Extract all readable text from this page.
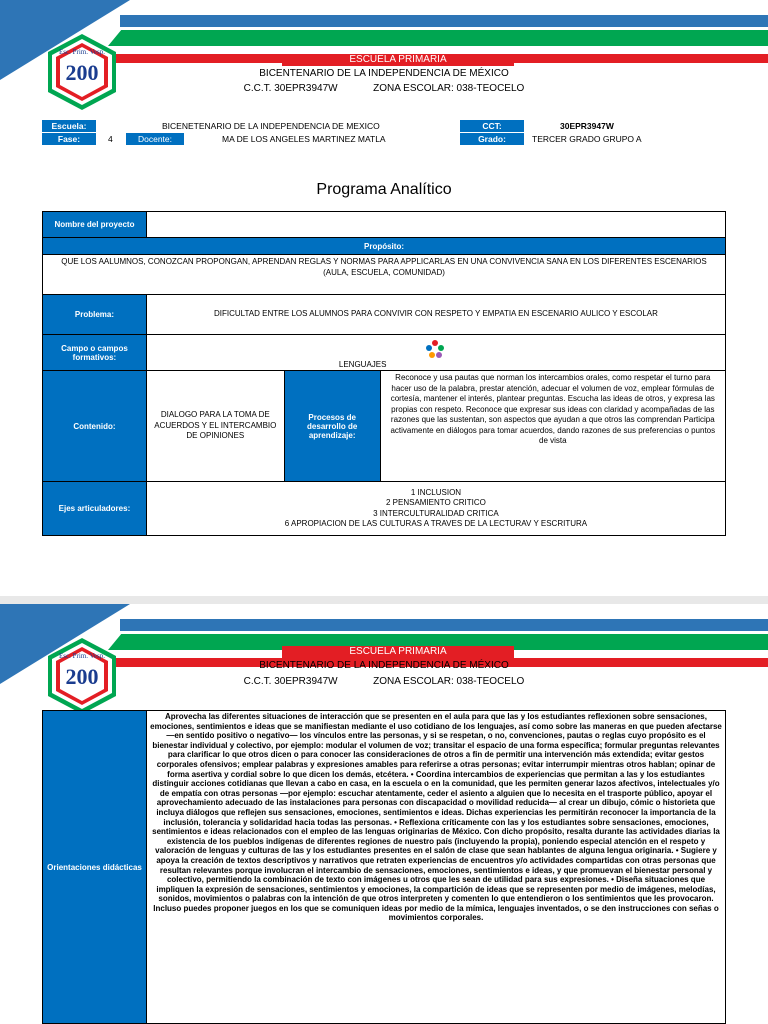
Esc. Prim. Vesp.
200
ESCUELA PRIMARIA
BICENTENARIO DE LA INDEPENDENCIA DE MÉXICO
C.C.T. 30EPR3947W	ZONA ESCOLAR: 038-TEOCELO
Escuela:	BICENETENARIO DE LA INDEPENDENCIA DE MEXICO	CCT:	30EPR3947W
Fase:	4	Docente:	MA DE LOS ANGELES MARTINEZ MATLA	Grado:	TERCER GRADO GRUPO A
Programa Analítico
Nombre del proyecto			
Propósito:			
QUE LOS AALUMNOS, CONOZCAN PROPONGAN, APRENDAN REGLAS Y NORMAS PARA APPLICARLAS EN UNA CONVIVENCIA SANA EN LOS DIFERENTES ESCENARIOS (AULA, ESCUELA, COMUNIDAD)			
Problema:	DIFICULTAD ENTRE LOS ALUMNOS PARA CONVIVIR CON RESPETO Y EMPATIA EN ESCENARIO AULICO Y ESCOLAR		
Campo o campos formativos:	LENGUAJES		

Contenido:	DIALOGO PARA LA TOMA DE ACUERDOS Y EL INTERCAMBIO DE OPINIONES	Procesos de desarrollo de aprendizaje:	Reconoce y usa pautas que norman los intercambios orales, como respetar el turno para hacer uso de la palabra, prestar atención, adecuar el volumen de voz, emplear fórmulas de cortesía, mantener el interés, plantear preguntas. Escucha las ideas de otros, y expresa las propias con respeto. Reconoce que expresar sus ideas con claridad y acompañadas de las razones que las sustentan, son aspectos que ayudan a que otros las comprendan Participa activamente en diálogos para tomar acuerdos, dando razones de sus preferencias o puntos de vista
Ejes articuladores:	1 INCLUSION
2 PENSAMIENTO CRITICO
3 INTERCULTURALIDAD CRITICA
6 APROPIACION DE LAS CULTURAS A TRAVES DE LA LECTURAV Y ESCRITURA		
Esc. Prim. Vesp.
200
ESCUELA PRIMARIA
BICENTENARIO DE LA INDEPENDENCIA DE MÉXICO
C.C.T. 30EPR3947W	ZONA ESCOLAR: 038-TEOCELO
Orientaciones didácticas	Aprovecha las diferentes situaciones de interacción que se presenten en el aula para que las y los estudiantes reflexionen sobre sensaciones, emociones, sentimientos e ideas que se manifiestan mediante el uso cotidiano de los lenguajes, así como sobre las maneras en que pueden afectarse —en sentido positivo o negativo— los vínculos entre las personas, y si se respetan, o no, convenciones, pautas o reglas cuyo propósito es el bienestar individual y colectivo, por ejemplo: modular el volumen de voz; transitar el espacio de una forma específica; formular preguntas relevantes para clarificar lo que otros dicen o para conocer las consideraciones de otros a fin de permitir una intervención más extendida; evitar gestos corporales ofensivos; emplear palabras y expresiones amables para referirse a otras personas; evitar interrumpir mientras otros hablan; opinar de forma asertiva y cordial sobre lo que dicen los demás, etcétera. • Coordina intercambios de experiencias que permitan a las y los estudiantes distinguir acciones cotidianas que llevan a cabo en casa, en la escuela o en la comunidad, que les permiten generar lazos afectivos, intelectuales y/o de empatía con otras personas —por ejemplo: escuchar atentamente, ceder el asiento a alguien que lo necesita en el trasporte público, apoyar el aprovechamiento adecuado de las instalaciones para personas con discapacidad o movilidad reducida— al crear un dibujo, cómic o historieta que incluya diálogos que reflejen sus sensaciones, emociones, sentimientos e ideas. Dichas experiencias les permitirán reconocer la importancia de la inclusión, tolerancia y solidaridad hacia todas las personas. • Reflexiona críticamente con las y los estudiantes sobre sensaciones, emociones, sentimientos e ideas relacionados con el empleo de las lenguas originarias de México. Con dicho propósito, resalta durante las actividades diarias la existencia de los pueblos indígenas de diferentes regiones de nuestro país (incluyendo la propia), poniendo especial atención en el respeto y valoración de lenguas y culturas de las y los estudiantes presentes en el salón de clase que sean hablantes de alguna lengua originaria. • Sugiere y apoya la creación de textos descriptivos y narrativos que retraten experiencias de encuentros y/o actividades compartidas con otras personas que resultan relevantes porque involucran el intercambio de sensaciones, emociones, sentimientos e ideas, y que promuevan el bienestar personal y colectivo, permitiendo la combinación de texto con imágenes u otros que les sean de utilidad para sus expresiones. • Diseña situaciones que impliquen la expresión de sensaciones, sentimientos y emociones, la compartición de ideas que se representen por medio de imágenes, melodías, sonidos, movimientos o palabras con la intención de que otros interpreten y comenten lo que entendieron o los sentimientos que les provocaron. Incluso puedes proponer juegos en los que se comuniquen ideas por medio de la mímica, lenguajes inventados, o se den instrucciones con señas o movimientos corporales.
